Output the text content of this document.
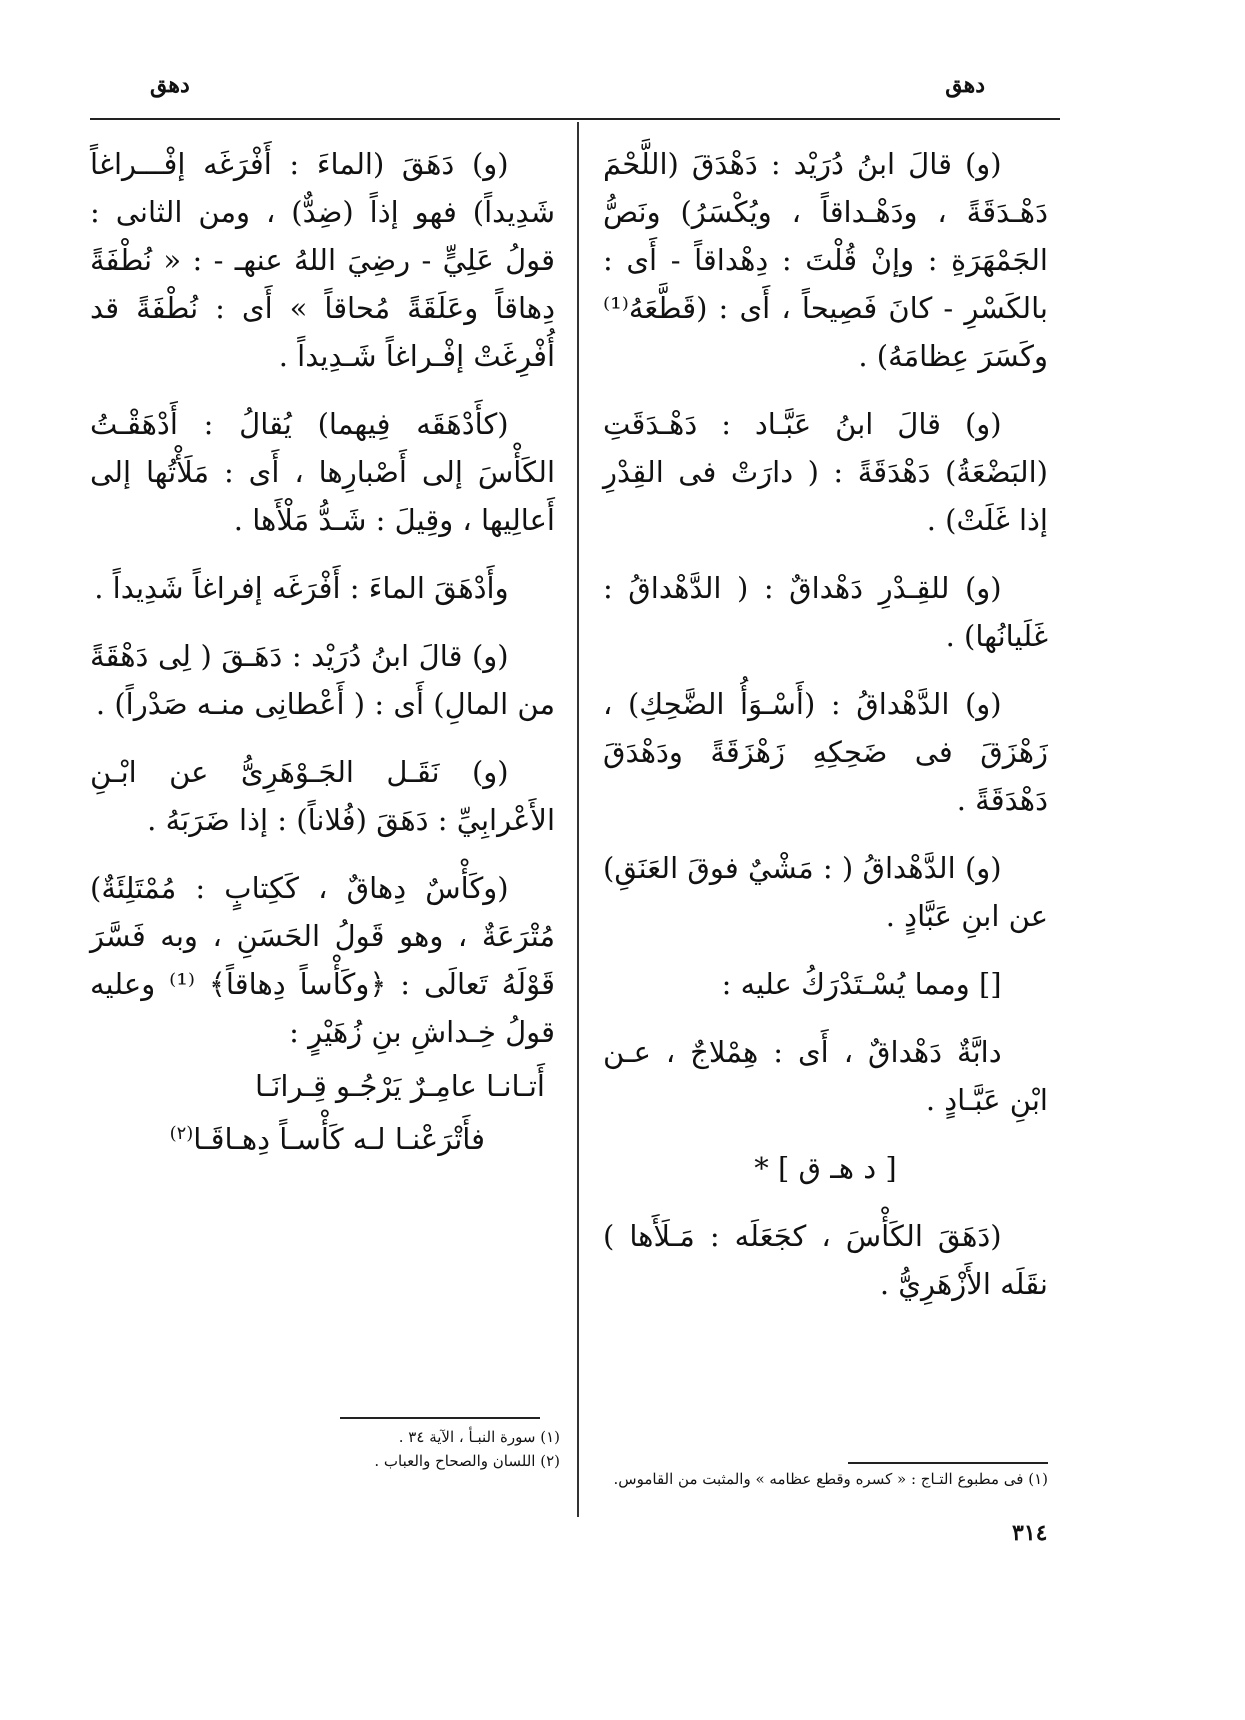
دهق
دهق

(و) قالَ ابنُ دُرَيْد : دَهْدَقَ (اللَّحْمَ دَهْـدَقَةً ، ودَهْـداقاً ، ويُكْسَرُ) ونَصُّ الجَمْهَرَةِ : وإنْ قُلْتَ : دِهْداقاً - أَى : بالكَسْرِ - كانَ فَصِيحاً ، أَى : (قَطَّعَهُ⁽¹⁾ وكَسَرَ عِظامَهُ) .

(و) قالَ ابنُ عَبَّـاد : دَهْـدَقَتِ (البَضْعَةُ) دَهْدَقَةً : ( دارَتْ فى القِدْرِ إذا غَلَتْ) .

(و) للقِـدْرِ دَهْداقٌ : ( الدَّهْداقُ : غَلَيانُها) .

(و) الدَّهْداقُ : (أَسْـوَأُ الضَّحِكِ) ، زَهْزَقَ فى ضَحِكِهِ زَهْزَقَةً ودَهْدَقَ دَهْدَقَةً .

(و) الدَّهْداقُ ( : مَشْيٌ فوقَ العَنَقِ) عن ابنِ عَبَّادٍ .

[] ومما يُسْـتَدْرَكُ عليه :

دابَّةٌ دَهْداقٌ ، أَى : هِمْلاجٌ ، عـن ابْنِ عَبَّـادٍ .

[ د هـ ق ] *

(دَهَقَ الكَأْسَ ، كجَعَلَه : مَـلَأَها ) نقَلَه الأَزْهَرِيُّ .

(و) دَهَقَ (الماءَ : أَفْرَغَه إفْـــراغاً شَدِيداً) فهو إذاً (ضِدٌّ) ، ومن الثانى : قولُ عَلِيٍّ - رضِيَ اللهُ عنهـ - : « نُطْفَةً دِهاقاً وعَلَقَةً مُحاقاً » أَى : نُطْفَةً قد أُفْرِغَتْ إفْـراغاً شَـدِيداً .

(كأَدْهَقَه فِيهما) يُقالُ : أَدْهَقْـتُ الكَأْسَ إلى أَصْبارِها ، أَى : مَلَأْتُها إلى أَعالِيها ، وقِيلَ : شَـدُّ مَلْأَها .

وأَدْهَقَ الماءَ : أَفْرَغَه إفراغاً شَدِيداً .

(و) قالَ ابنُ دُرَيْد : دَهَـقَ ( لِى دَهْقَةً من المالِ) أَى : ( أَعْطانِى منـه صَدْراً) .

(و) نَقَـل الجَـوْهَرِىُّ عن ابْـنِ الأَعْرابِيِّ : دَهَقَ (فُلاناً) : إذا ضَرَبَهُ .

(وكَأْسٌ دِهاقٌ ، كَكِتابٍ : مُمْتَلِئَةٌ) مُتْرَعَةٌ ، وهو قَولُ الحَسَنِ ، وبه فَسَّرَ قَوْلَهُ تَعالَى : ﴿وكَأْساً دِهاقاً﴾ ⁽¹⁾ وعليه قولُ خِـداشِ بنِ زُهَيْرٍ :

أَتـانـا عامِـرٌ يَرْجُـو قِـرانَـا
فأَتْرَعْنـا لـه كَأْسـاً دِهـاقَـا$^{(٢)}$
(١) فى مطبوع التـاج : « كسره وقطع عظامه » والمثبت من القاموس.
(١) سورة النبـأ ، الآية ٣٤ .
(٢) اللسان والصحاح والعباب .
٣١٤
